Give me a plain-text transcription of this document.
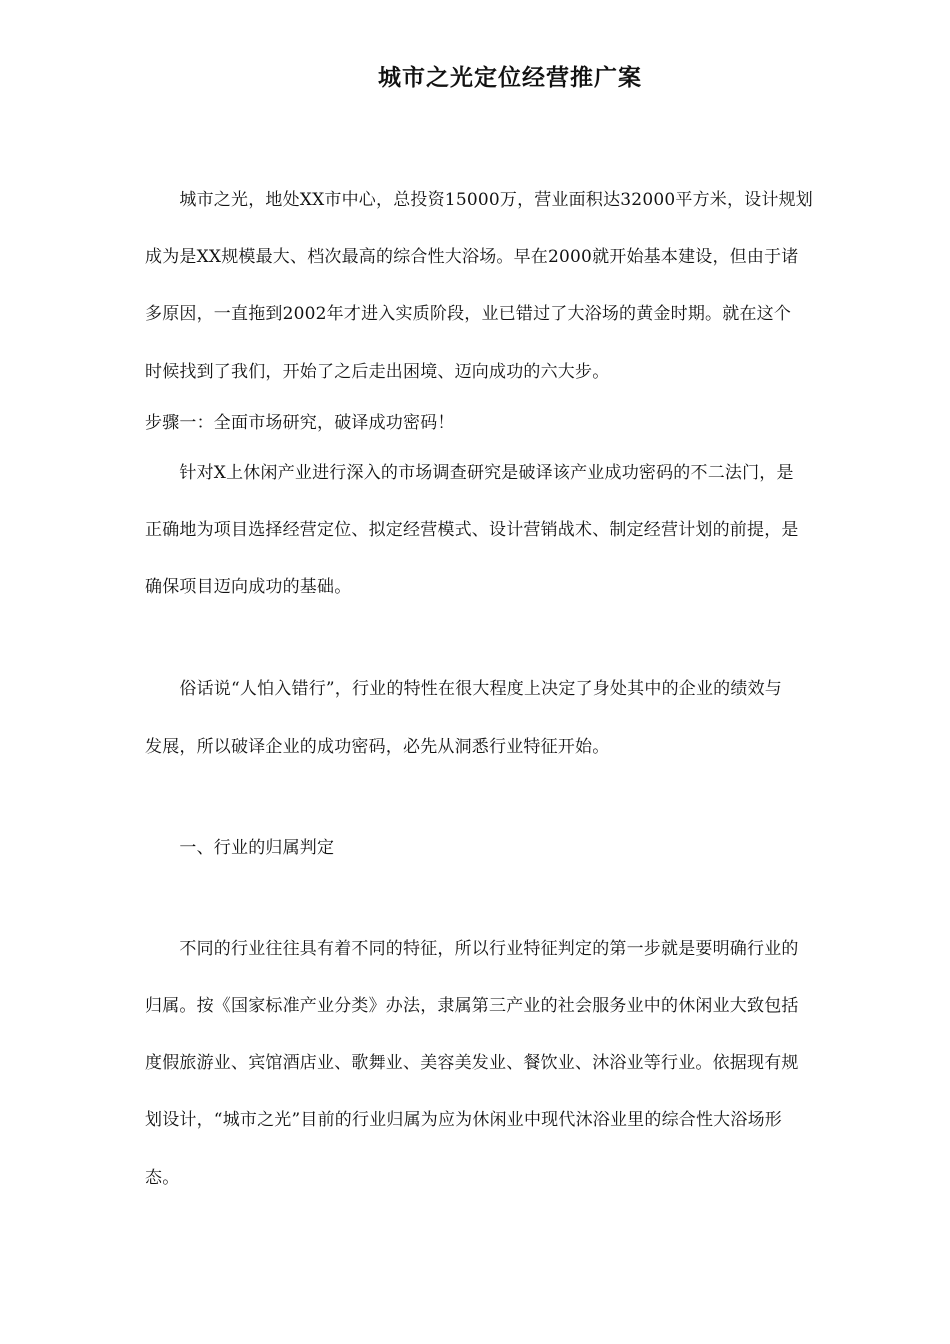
城市之光定位经营推广案
　　城市之光，地处XX市中心，总投资15000万，营业面积达32000平方米，设计规划
成为是XX规模最大、档次最高的综合性大浴场。早在2000就开始基本建设，但由于诸
多原因，一直拖到2002年才进入实质阶段，业已错过了大浴场的黄金时期。就在这个
时候找到了我们，开始了之后走出困境、迈向成功的六大步。
步骤一：全面市场研究，破译成功密码！
　　针对X上休闲产业进行深入的市场调查研究是破译该产业成功密码的不二法门，是
正确地为项目选择经营定位、拟定经营模式、设计营销战术、制定经营计划的前提，是
确保项目迈向成功的基础。
　　俗话说“人怕入错行”，行业的特性在很大程度上决定了身处其中的企业的绩效与
发展，所以破译企业的成功密码，必先从洞悉行业特征开始。
　　一、行业的归属判定
　　不同的行业往往具有着不同的特征，所以行业特征判定的第一步就是要明确行业的
归属。按《国家标准产业分类》办法，隶属第三产业的社会服务业中的休闲业大致包括
度假旅游业、宾馆酒店业、歌舞业、美容美发业、餐饮业、沐浴业等行业。依据现有规
划设计，“城市之光”目前的行业归属为应为休闲业中现代沐浴业里的综合性大浴场形
态。
